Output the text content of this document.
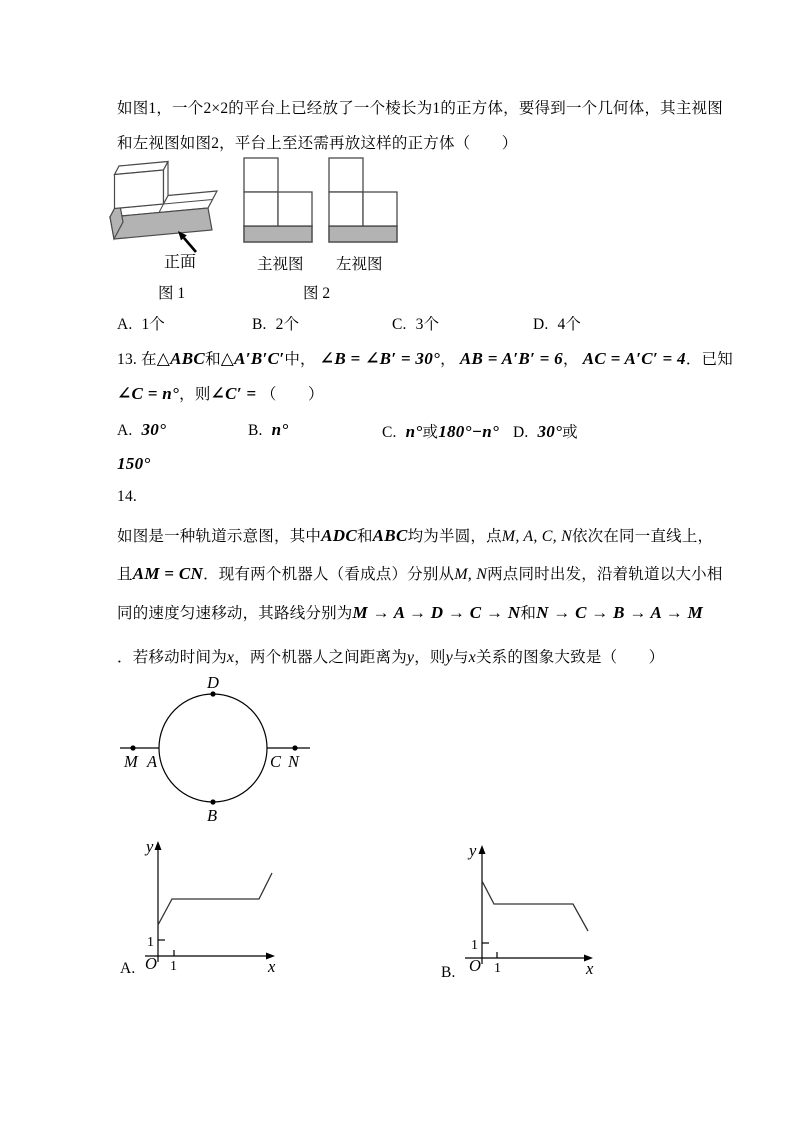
如图1，一个2×2的平台上已经放了一个棱长为1的正方体，要得到一个几何体，其主视图
和左视图如图2，平台上至还需再放这样的正方体（　　）
正面
图 1
主视图 左视图
图 2
A. 1个	B. 2个	C. 3个	D. 4个
13. 在△ABC和△A′B′C′中， ∠B = ∠B′ = 30°， AB = A′B′ = 6， AC = A′C′ = 4．已知
∠C = n°，则∠C′ = （　　）
A. 30°	B. n°	C. n°或180°−n° D. 30°或
150°
14.
如图是一种轨道示意图，其中ADC和ABC均为半圆，点M, A, C, N依次在同一直线上，
且AM = CN．现有两个机器人（看成点）分别从M, N两点同时出发，沿着轨道以大小相
同的速度匀速移动，其路线分别为M → A → D → C → N和N → C → B → A → M
．若移动时间为x，两个机器人之间距离为y，则y与x关系的图象大致是（　　）
D
B
M A	C N
y
x
O 1
1
A.
y
x
O 1
1
B.
